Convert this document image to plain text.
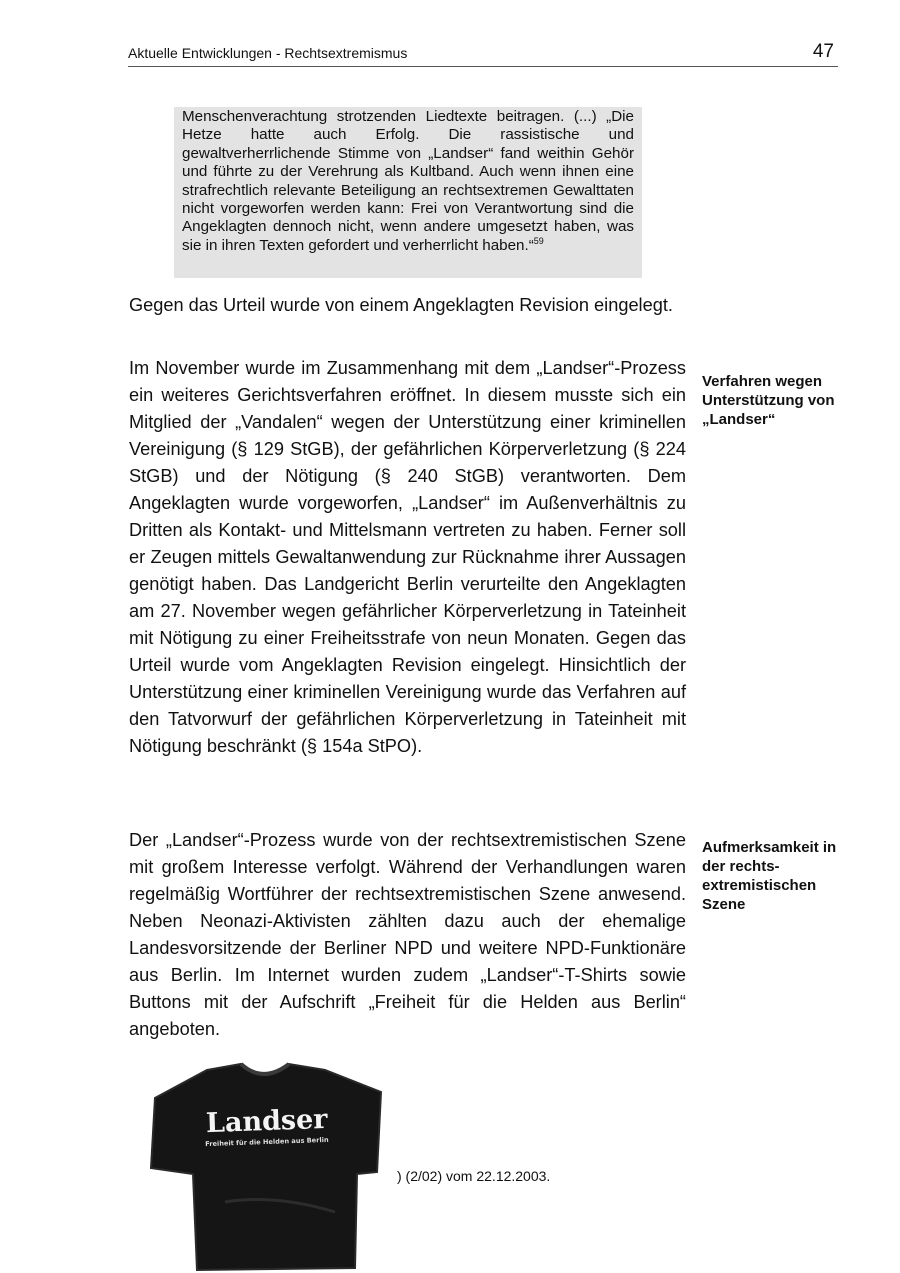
Aktuelle Entwicklungen - Rechtsextremismus	47
Menschenverachtung strotzenden Liedtexte beitragen. (...) „Die Hetze hatte auch Erfolg. Die rassistische und gewaltverherrlichende Stimme von „Landser“ fand weithin Gehör und führte zu der Verehrung als Kultband. Auch wenn ihnen eine strafrechtlich relevante Beteiligung an rechtsextremen Gewalttaten nicht vorgeworfen werden kann: Frei von Verantwortung sind die Angeklagten dennoch nicht, wenn andere umgesetzt haben, was sie in ihren Texten gefordert und verherrlicht haben.“$^{59}$

Gegen das Urteil wurde von einem Angeklagten Revision eingelegt.

Im November wurde im Zusammenhang mit dem „Landser“-Prozess ein weiteres Gerichtsverfahren eröffnet. In diesem musste sich ein Mitglied der „Vandalen“ wegen der Unterstützung einer kriminellen Vereinigung (§ 129 StGB), der gefährlichen Körperverletzung (§ 224 StGB) und der Nötigung (§ 240 StGB) verantworten. Dem Angeklagten wurde vorgeworfen, „Landser“ im Außenverhältnis zu Dritten als Kontakt- und Mittelsmann vertreten zu haben. Ferner soll er Zeugen mittels Gewaltanwendung zur Rücknahme ihrer Aussagen genötigt haben. Das Landgericht Berlin verurteilte den Angeklagten am 27. November wegen gefährlicher Körperverletzung in Tateinheit mit Nötigung zu einer Freiheitsstrafe von neun Monaten. Gegen das Urteil wurde vom Angeklagten Revision eingelegt. Hinsichtlich der Unterstützung einer kriminellen Vereinigung wurde das Verfahren auf den Tatvorwurf der gefährlichen Körperverletzung in Tateinheit mit Nötigung beschränkt (§ 154a StPO).

Der „Landser“-Prozess wurde von der rechtsextremistischen Szene mit großem Interesse verfolgt. Während der Verhandlungen waren regelmäßig Wortführer der rechtsextremistischen Szene anwesend. Neben Neonazi-Aktivisten zählten dazu auch der ehemalige Landesvorsitzende der Berliner NPD und weitere NPD-Funktionäre aus Berlin. Im Internet wurden zudem „Landser“-T-Shirts sowie Buttons mit der Aufschrift „Freiheit für die Helden aus Berlin“ angeboten.

Verfahren wegen Unterstützung von „Landser“
Aufmerksamkeit in der rechts-extremistischen Szene
Landser
Freiheit für die Helden aus Berlin
) (2/02) vom 22.12.2003.
